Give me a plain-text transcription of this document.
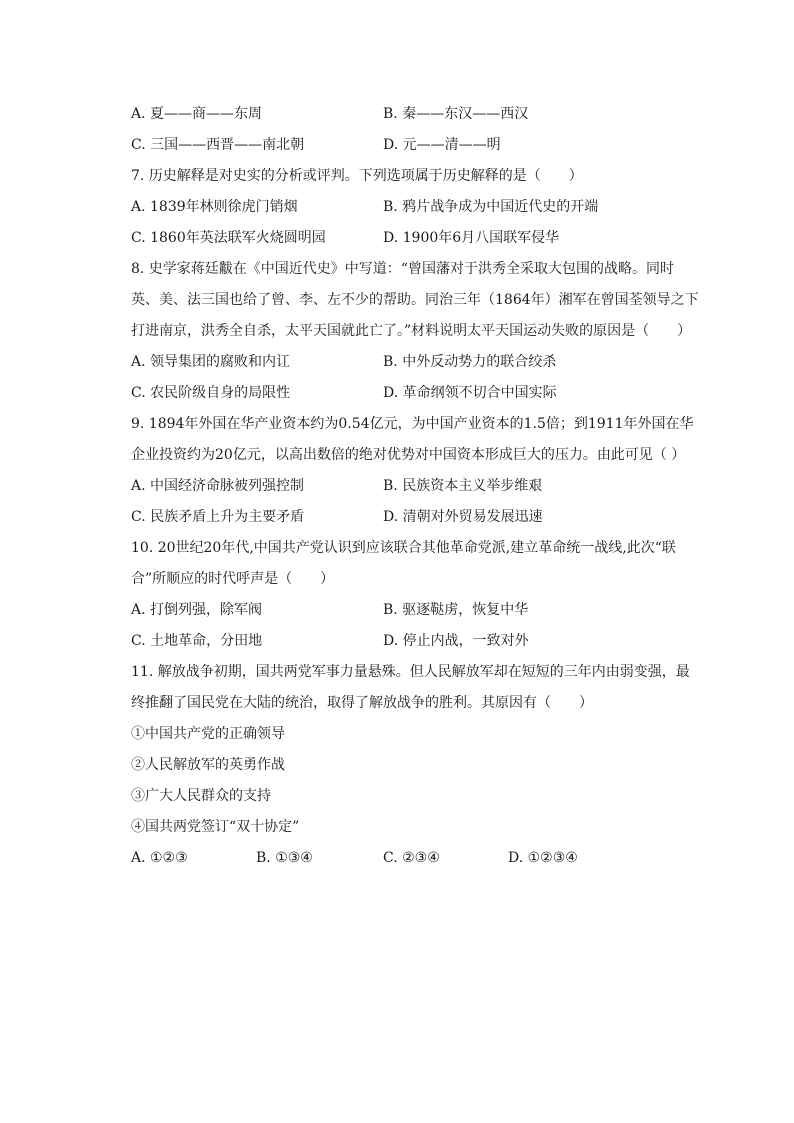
A. 夏——商——东周	B. 秦——东汉——西汉
C. 三国——西晋——南北朝	D. 元——清——明
7. 历史解释是对史实的分析或评判。下列选项属于历史解释的是（　　）
A. 1839年林则徐虎门销烟	B. 鸦片战争成为中国近代史的开端
C. 1860年英法联军火烧圆明园	D. 1900年6月八国联军侵华
8. 史学家蒋廷黻在《中国近代史》中写道：“曾国藩对于洪秀全采取大包围的战略。同时
英、美、法三国也给了曾、李、左不少的帮助。同治三年（1864年）湘军在曾国荃领导之下
打进南京，洪秀全自杀，太平天国就此亡了。”材料说明太平天国运动失败的原因是（　　）
A. 领导集团的腐败和内讧	B. 中外反动势力的联合绞杀
C. 农民阶级自身的局限性	D. 革命纲领不切合中国实际
9. 1894年外国在华产业资本约为0.54亿元，为中国产业资本的1.5倍；到1911年外国在华
企业投资约为20亿元，以高出数倍的绝对优势对中国资本形成巨大的压力。由此可见（ ）
A. 中国经济命脉被列强控制	B. 民族资本主义举步维艰
C. 民族矛盾上升为主要矛盾	D. 清朝对外贸易发展迅速
10. 20世纪20年代,中国共产党认识到应该联合其他革命党派,建立革命统一战线,此次“联
合”所顺应的时代呼声是（　　）
A. 打倒列强，除军阀	B. 驱逐鞑虏，恢复中华
C. 土地革命，分田地	D. 停止内战，一致对外
11. 解放战争初期，国共两党军事力量悬殊。但人民解放军却在短短的三年内由弱变强，最
终推翻了国民党在大陆的统治，取得了解放战争的胜利。其原因有（　　）
①中国共产党的正确领导
②人民解放军的英勇作战
③广大人民群众的支持
④国共两党签订“双十协定”
A. ①②③	B. ①③④	C. ②③④	D. ①②③④
